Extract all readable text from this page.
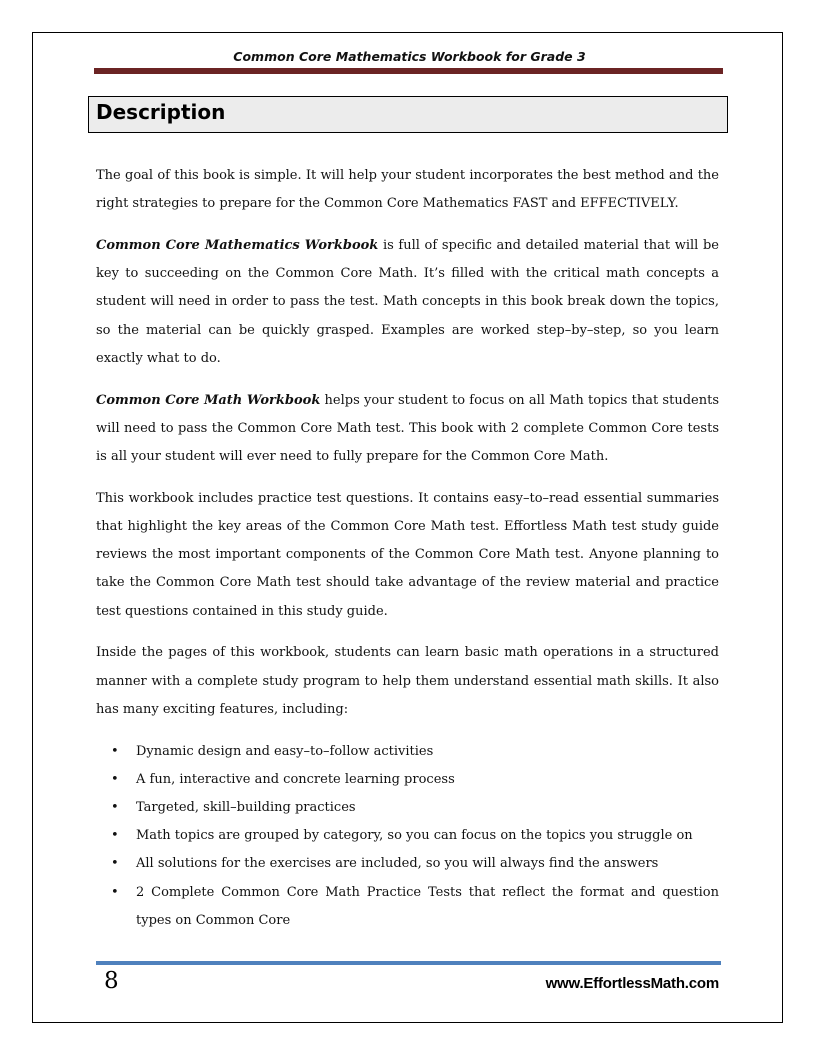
Common Core Mathematics Workbook for Grade 3
Description

The goal of this book is simple. It will help your student incorporates the best method and the right strategies to prepare for the Common Core Mathematics FAST and EFFECTIVELY.

Common Core Mathematics Workbook is full of specific and detailed material that will be key to succeeding on the Common Core Math. It’s filled with the critical math concepts a student will need in order to pass the test. Math concepts in this book break down the topics, so the material can be quickly grasped. Examples are worked step–by–step, so you learn exactly what to do.

Common Core Math Workbook helps your student to focus on all Math topics that students will need to pass the Common Core Math test. This book with 2 complete Common Core tests is all your student will ever need to fully prepare for the Common Core Math.

This workbook includes practice test questions. It contains easy–to–read essential summaries that highlight the key areas of the Common Core Math test. Effortless Math test study guide reviews the most important components of the Common Core Math test. Anyone planning to take the Common Core Math test should take advantage of the review material and practice test questions contained in this study guide.

Inside the pages of this workbook, students can learn basic math operations in a structured manner with a complete study program to help them understand essential math skills. It also has many exciting features, including:

• Dynamic design and easy–to–follow activities
• A fun, interactive and concrete learning process
• Targeted, skill–building practices
• Math topics are grouped by category, so you can focus on the topics you struggle on
• All solutions for the exercises are included, so you will always find the answers
• 2 Complete Common Core Math Practice Tests that reflect the format and question types on Common Core
8	www.EffortlessMath.com
